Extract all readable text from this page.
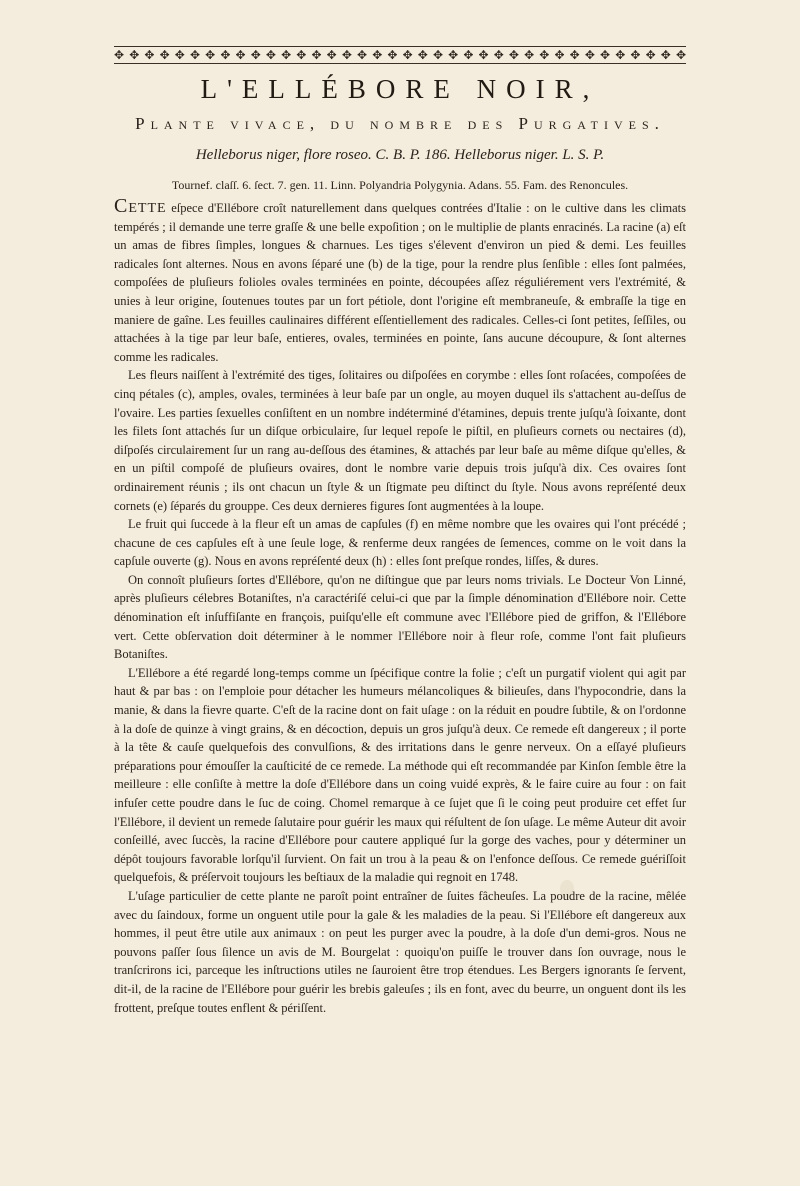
✥ ✥ ✥ ✥ ✥ ✥ ✥ ✥ ✥ ✥ ✥ ✥ ✥ ✥ ✥ ✥ ✥ ✥ ✥ ✥ ✥ ✥ ✥ ✥ ✥ ✥ ✥ ✥ ✥ ✥ ✥ ✥ ✥ ✥ ✥ ✥ ✥ ✥
L'ELLÉBORE NOIR,
Plante vivace, du nombre des Purgatives.
Helleborus niger, flore roseo. C. B. P. 186. Helleborus niger. L. S. P.
Tournef. claſſ. 6. ſect. 7. gen. 11. Linn. Polyandria Polygynia. Adans. 55. Fam. des Renoncules.

Cette eſpece d'Ellébore croît naturellement dans quelques contrées d'Italie : on le cultive dans les climats tempérés ; il demande une terre graſſe & une belle expoſition ; on le multiplie de plants enracinés. La racine (a) eſt un amas de fibres ſimples, longues & charnues. Les tiges s'élevent d'environ un pied & demi. Les feuilles radicales ſont alternes. Nous en avons ſéparé une (b) de la tige, pour la rendre plus ſenſible : elles ſont palmées, compoſées de pluſieurs folioles ovales terminées en pointe, découpées aſſez réguliérement vers l'extrémité, & unies à leur origine, ſoutenues toutes par un fort pétiole, dont l'origine eſt membraneuſe, & embraſſe la tige en maniere de gaîne. Les feuilles caulinaires différent eſſentiellement des radicales. Celles-ci ſont petites, ſeſſiles, ou attachées à la tige par leur baſe, entieres, ovales, terminées en pointe, ſans aucune découpure, & ſont alternes comme les radicales.

Les fleurs naiſſent à l'extrémité des tiges, ſolitaires ou diſpoſées en corymbe : elles ſont roſacées, compoſées de cinq pétales (c), amples, ovales, terminées à leur baſe par un ongle, au moyen duquel ils s'attachent au-deſſus de l'ovaire. Les parties ſexuelles conſiſtent en un nombre indéterminé d'étamines, depuis trente juſqu'à ſoixante, dont les filets ſont attachés ſur un diſque orbiculaire, ſur lequel repoſe le piſtil, en pluſieurs cornets ou nectaires (d), diſpoſés circulairement ſur un rang au-deſſous des étamines, & attachés par leur baſe au même diſque qu'elles, & en un piſtil compoſé de pluſieurs ovaires, dont le nombre varie depuis trois juſqu'à dix. Ces ovaires ſont ordinairement réunis ; ils ont chacun un ſtyle & un ſtigmate peu diſtinct du ſtyle. Nous avons repréſenté deux cornets (e) ſéparés du grouppe. Ces deux dernieres figures ſont augmentées à la loupe.

Le fruit qui ſuccede à la fleur eſt un amas de capſules (f) en même nombre que les ovaires qui l'ont précédé ; chacune de ces capſules eſt à une ſeule loge, & renferme deux rangées de ſemences, comme on le voit dans la capſule ouverte (g). Nous en avons repréſenté deux (h) : elles ſont preſque rondes, liſſes, & dures.

On connoît pluſieurs ſortes d'Ellébore, qu'on ne diſtingue que par leurs noms trivials. Le Docteur Von Linné, après pluſieurs célebres Botaniſtes, n'a caractériſé celui-ci que par la ſimple dénomination d'Ellébore noir. Cette dénomination eſt inſuffiſante en françois, puiſqu'elle eſt commune avec l'Ellébore pied de griffon, & l'Ellébore vert. Cette obſervation doit déterminer à le nommer l'Ellébore noir à fleur roſe, comme l'ont fait pluſieurs Botaniſtes.

L'Ellébore a été regardé long-temps comme un ſpécifique contre la folie ; c'eſt un purgatif violent qui agit par haut & par bas : on l'emploie pour détacher les humeurs mélancoliques & bilieuſes, dans l'hypocondrie, dans la manie, & dans la fievre quarte. C'eſt de la racine dont on fait uſage : on la réduit en poudre ſubtile, & on l'ordonne à la doſe de quinze à vingt grains, & en décoction, depuis un gros juſqu'à deux. Ce remede eſt dangereux ; il porte à la tête & cauſe quelquefois des convulſions, & des irritations dans le genre nerveux. On a eſſayé pluſieurs préparations pour émouſſer la cauſticité de ce remede. La méthode qui eſt recommandée par Kinſon ſemble être la meilleure : elle conſiſte à mettre la doſe d'Ellébore dans un coing vuidé exprès, & le faire cuire au four : on fait infuſer cette poudre dans le ſuc de coing. Chomel remarque à ce ſujet que ſi le coing peut produire cet effet ſur l'Ellébore, il devient un remede ſalutaire pour guérir les maux qui réſultent de ſon uſage. Le même Auteur dit avoir conſeillé, avec ſuccès, la racine d'Ellébore pour cautere appliqué ſur la gorge des vaches, pour y déterminer un dépôt toujours favorable lorſqu'il ſurvient. On fait un trou à la peau & on l'enfonce deſſous. Ce remede guériſſoit quelquefois, & préſervoit toujours les beſtiaux de la maladie qui regnoit en 1748.

L'uſage particulier de cette plante ne paroît point entraîner de ſuites fâcheuſes. La poudre de la racine, mêlée avec du ſaindoux, forme un onguent utile pour la gale & les maladies de la peau. Si l'Ellébore eſt dangereux aux hommes, il peut être utile aux animaux : on peut les purger avec la poudre, à la doſe d'un demi-gros. Nous ne pouvons paſſer ſous ſilence un avis de M. Bourgelat : quoiqu'on puiſſe le trouver dans ſon ouvrage, nous le tranſcrirons ici, parceque les inſtructions utiles ne ſauroient être trop étendues. Les Bergers ignorants ſe ſervent, dit-il, de la racine de l'Ellébore pour guérir les brebis galeuſes ; ils en font, avec du beurre, un onguent dont ils les frottent, preſque toutes enflent & périſſent.
